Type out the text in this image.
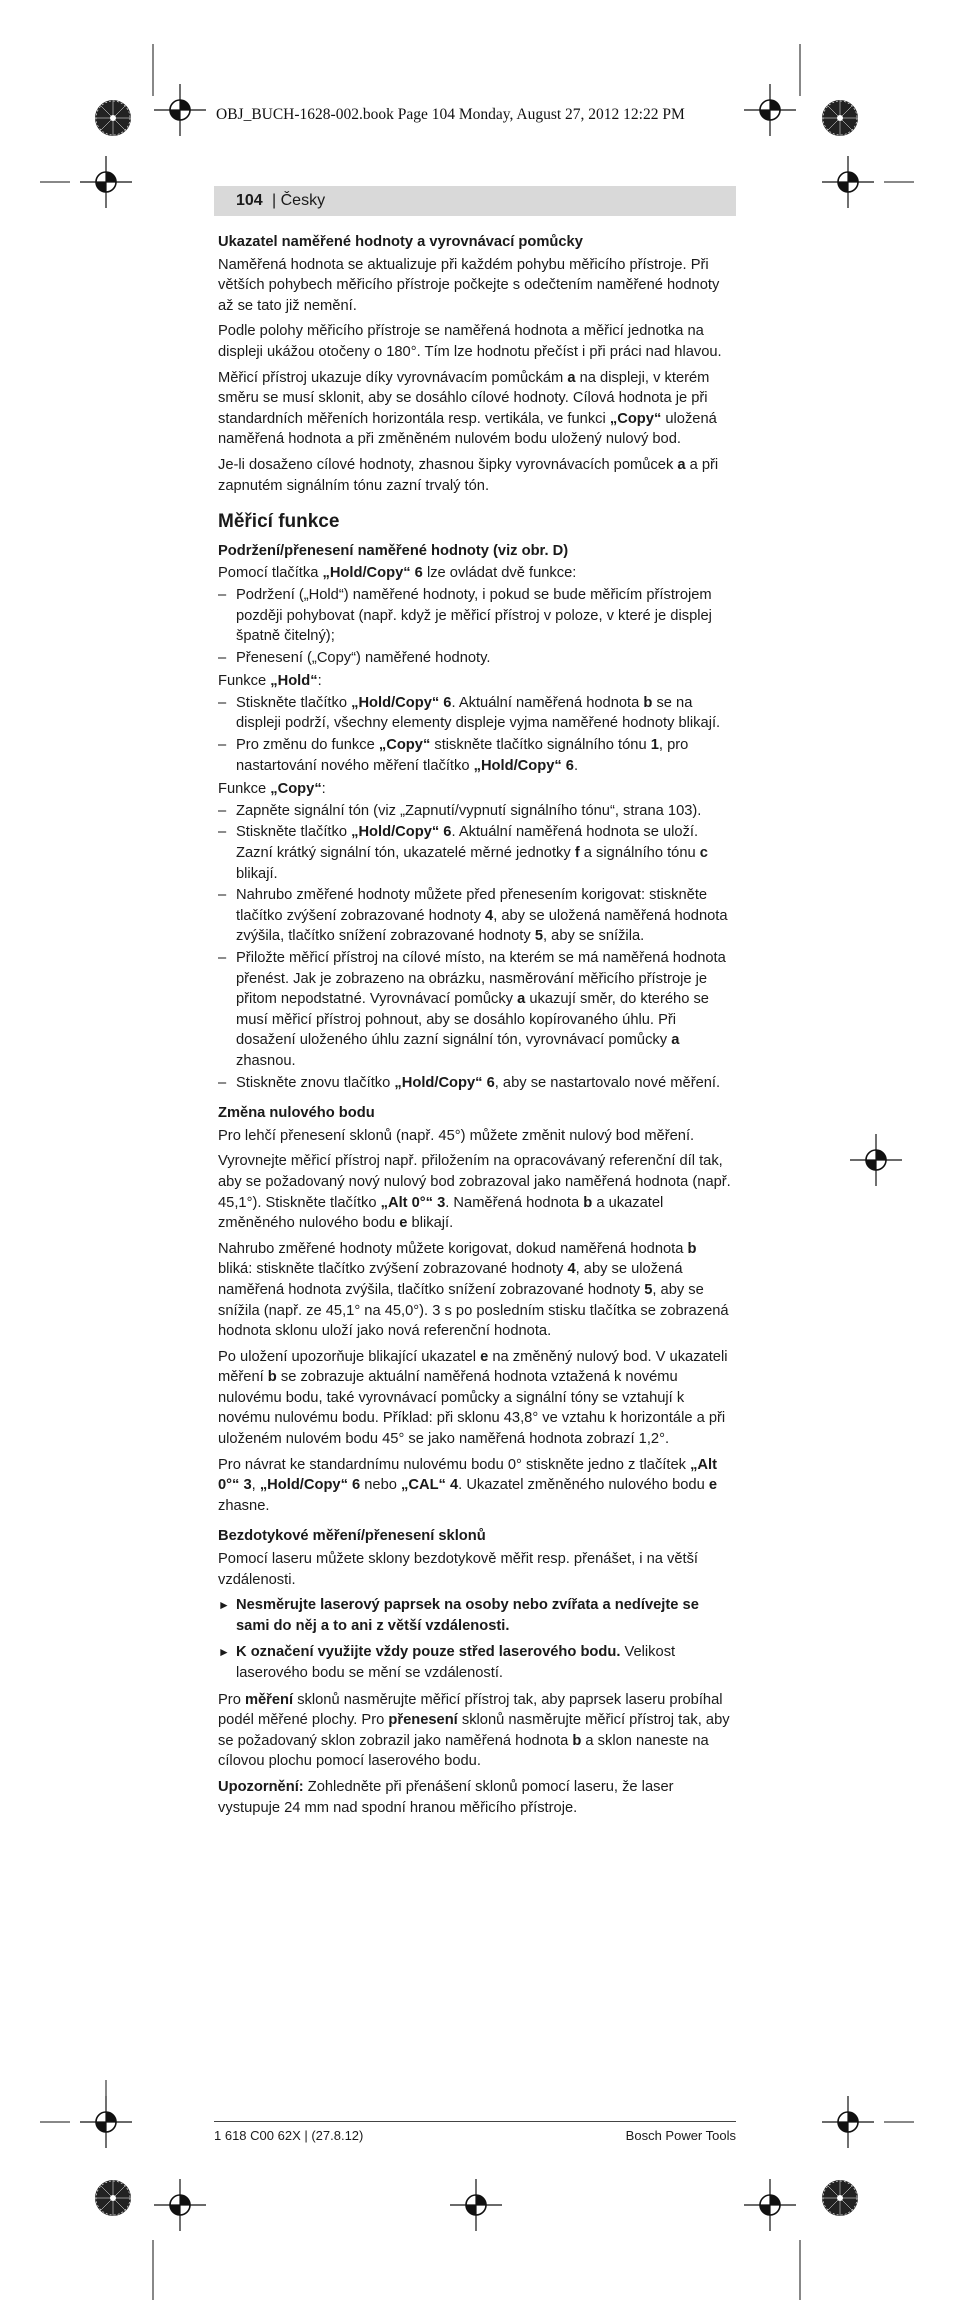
OBJ_BUCH-1628-002.book Page 104 Monday, August 27, 2012 12:22 PM
104 | Česky
Ukazatel naměřené hodnoty a vyrovnávací pomůcky

Naměřená hodnota se aktualizuje při každém pohybu měřicího přístroje. Při větších pohybech měřicího přístroje počkejte s odečtením naměřené hodnoty až se tato již nemění.

Podle polohy měřicího přístroje se naměřená hodnota a měřicí jednotka na displeji ukážou otočeny o 180°. Tím lze hodnotu přečíst i při práci nad hlavou.

Měřicí přístroj ukazuje díky vyrovnávacím pomůckám a na displeji, v kterém směru se musí sklonit, aby se dosáhlo cílové hodnoty. Cílová hodnota je při standardních měřeních horizontála resp. vertikála, ve funkci „Copy“ uložená naměřená hodnota a při změněném nulovém bodu uložený nulový bod.

Je-li dosaženo cílové hodnoty, zhasnou šipky vyrovnávacích pomůcek a a při zapnutém signálním tónu zazní trvalý tón.

Měřicí funkce
Podržení/přenesení naměřené hodnoty (viz obr. D)

Pomocí tlačítka „Hold/Copy“ 6 lze ovládat dvě funkce:

– Podržení („Hold“) naměřené hodnoty, i pokud se bude měřicím přístrojem později pohybovat (např. když je měřicí přístroj v poloze, v které je displej špatně čitelný);
– Přenesení („Copy“) naměřené hodnoty.

Funkce „Hold“:

– Stiskněte tlačítko „Hold/Copy“ 6. Aktuální naměřená hodnota b se na displeji podrží, všechny elementy displeje vyjma naměřené hodnoty blikají.
– Pro změnu do funkce „Copy“ stiskněte tlačítko signálního tónu 1, pro nastartování nového měření tlačítko „Hold/Copy“ 6.

Funkce „Copy“:

– Zapněte signální tón (viz „Zapnutí/vypnutí signálního tónu“, strana 103).
– Stiskněte tlačítko „Hold/Copy“ 6. Aktuální naměřená hodnota se uloží. Zazní krátký signální tón, ukazatelé měrné jednotky f a signálního tónu c blikají.
– Nahrubo změřené hodnoty můžete před přenesením korigovat: stiskněte tlačítko zvýšení zobrazované hodnoty 4, aby se uložená naměřená hodnota zvýšila, tlačítko snížení zobrazované hodnoty 5, aby se snížila.
– Přiložte měřicí přístroj na cílové místo, na kterém se má naměřená hodnota přenést. Jak je zobrazeno na obrázku, nasměrování měřicího přístroje je přitom nepodstatné. Vyrovnávací pomůcky a ukazují směr, do kterého se musí měřicí přístroj pohnout, aby se dosáhlo kopírovaného úhlu. Při dosažení uloženého úhlu zazní signální tón, vyrovnávací pomůcky a zhasnou.
– Stiskněte znovu tlačítko „Hold/Copy“ 6, aby se nastartovalo nové měření.
Změna nulového bodu

Pro lehčí přenesení sklonů (např. 45°) můžete změnit nulový bod měření.

Vyrovnejte měřicí přístroj např. přiložením na opracovávaný referenční díl tak, aby se požadovaný nový nulový bod zobrazoval jako naměřená hodnota (např. 45,1°). Stiskněte tlačítko „Alt 0°“ 3. Naměřená hodnota b a ukazatel změněného nulového bodu e blikají.

Nahrubo změřené hodnoty můžete korigovat, dokud naměřená hodnota b bliká: stiskněte tlačítko zvýšení zobrazované hodnoty 4, aby se uložená naměřená hodnota zvýšila, tlačítko snížení zobrazované hodnoty 5, aby se snížila (např. ze 45,1° na 45,0°). 3 s po posledním stisku tlačítka se zobrazená hodnota sklonu uloží jako nová referenční hodnota.

Po uložení upozorňuje blikající ukazatel e na změněný nulový bod. V ukazateli měření b se zobrazuje aktuální naměřená hodnota vztažená k novému nulovému bodu, také vyrovnávací pomůcky a signální tóny se vztahují k novému nulovému bodu. Příklad: při sklonu 43,8° ve vztahu k horizontále a při uloženém nulovém bodu 45° se jako naměřená hodnota zobrazí 1,2°.

Pro návrat ke standardnímu nulovému bodu 0° stiskněte jedno z tlačítek „Alt 0°“ 3, „Hold/Copy“ 6 nebo „CAL“ 4. Ukazatel změněného nulového bodu e zhasne.

Bezdotykové měření/přenesení sklonů

Pomocí laseru můžete sklony bezdotykově měřit resp. přenášet, i na větší vzdálenosti.

► Nesměrujte laserový paprsek na osoby nebo zvířata a nedívejte se sami do něj a to ani z větší vzdálenosti.
► K označení využijte vždy pouze střed laserového bodu. Velikost laserového bodu se mění se vzdáleností.

Pro měření sklonů nasměrujte měřicí přístroj tak, aby paprsek laseru probíhal podél měřené plochy. Pro přenesení sklonů nasměrujte měřicí přístroj tak, aby se požadovaný sklon zobrazil jako naměřená hodnota b a sklon naneste na cílovou plochu pomocí laserového bodu.

Upozornění: Zohledněte při přenášení sklonů pomocí laseru, že laser vystupuje 24 mm nad spodní hranou měřicího přístroje.

1 618 C00 62X | (27.8.12)	Bosch Power Tools
